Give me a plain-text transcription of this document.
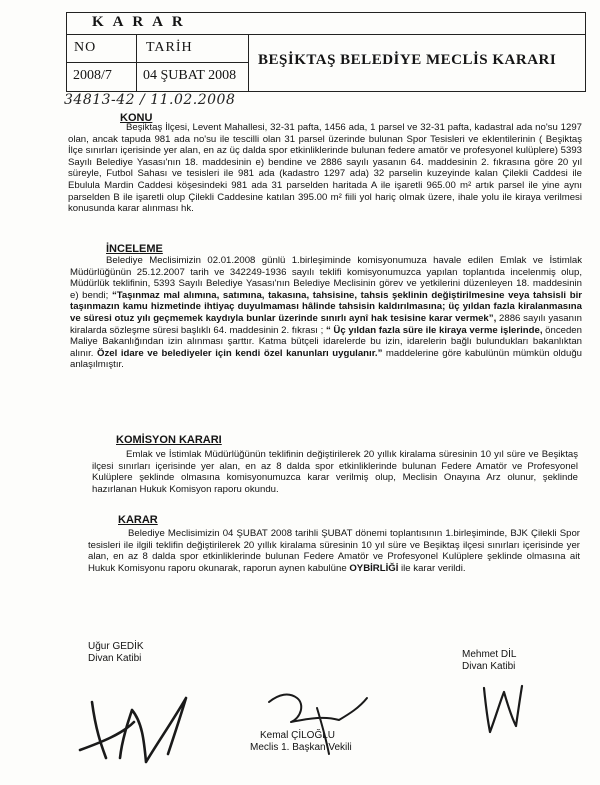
K A R A R
NO	TARİH
2008/7 04 ŞUBAT 2008
BEŞİKTAŞ BELEDİYE MECLİS KARARI
34813-42 / 11.02.2008
KONU
Beşiktaş İlçesi, Levent Mahallesi, 32-31 pafta, 1456 ada, 1 parsel ve 32-31 pafta, kadastral ada no'su 1297 olan, ancak tapuda 981 ada no'su ile tescilli olan 31 parsel üzerinde bulunan Spor Tesisleri ve eklentilerinin ( Beşiktaş İlçe sınırları içerisinde yer alan, en az üç dalda spor etkinliklerinde bulunan federe amatör ve profesyonel kulüplere) 5393 Sayılı Belediye Yasası'nın 18. maddesinin e) bendine ve 2886 sayılı yasanın 64. maddesinin 2. fıkrasına göre 20 yıl süreyle, Futbol Sahası ve tesisleri ile 981 ada (kadastro 1297 ada) 32 parselin kuzeyinde kalan Çilekli Caddesi ile Ebulula Mardin Caddesi köşesindeki 981 ada 31 parselden haritada A ile işaretli 965.00 m² artık parsel ile yine aynı parselden B ile işaretli olup Çilekli Caddesine katılan 395.00 m² fiili yol hariç olmak üzere, ihale yolu ile kiraya verilmesi konusunda karar alınması hk.
İNCELEME
Belediye Meclisimizin 02.01.2008 günlü 1.birleşiminde komisyonumuza havale edilen Emlak ve İstimlak Müdürlüğünün 25.12.2007 tarih ve 342249-1936 sayılı teklifi komisyonumuzca yapılan toplantıda incelenmiş olup, Müdürlük teklifinin, 5393 Sayılı Belediye Yasası'nın Belediye Meclisinin görev ve yetkilerini düzenleyen 18. maddesinin e) bendi; “Taşınmaz mal alımına, satımına, takasına, tahsisine, tahsis şeklinin değiştirilmesine veya tahsisli bir taşınmazın kamu hizmetinde ihtiyaç duyulmaması hâlinde tahsisin kaldırılmasına; üç yıldan fazla kiralanmasına ve süresi otuz yılı geçmemek kaydıyla bunlar üzerinde sınırlı aynî hak tesisine karar vermek”, 2886 sayılı yasanın kiralarda sözleşme süresi başlıklı 64. maddesinin 2. fıkrası ; “ Üç yıldan fazla süre ile kiraya verme işlerinde, önceden Maliye Bakanlığından izin alınması şarttır. Katma bütçeli idarelerde bu izin, idarelerin bağlı bulundukları bakanlıktan alınır. Özel idare ve belediyeler için kendi özel kanunları uygulanır.” maddelerine göre kabulünün mümkün olduğu anlaşılmıştır.
KOMİSYON KARARI
Emlak ve İstimlak Müdürlüğünün teklifinin değiştirilerek 20 yıllık kiralama süresinin 10 yıl süre ve Beşiktaş ilçesi sınırları içerisinde yer alan, en az 8 dalda spor etkinliklerinde bulunan Federe Amatör ve Profesyonel Kulüplere şeklinde olmasına komisyonumuzca karar verilmiş olup, Meclisin Onayına Arz olunur, şeklinde hazırlanan Hukuk Komisyon raporu okundu.
KARAR
Belediye Meclisimizin 04 ŞUBAT 2008 tarihli ŞUBAT dönemi toplantısının 1.birleşiminde, BJK Çilekli Spor tesisleri ile ilgili teklifin değiştirilerek 20 yıllık kiralama süresinin 10 yıl süre ve Beşiktaş ilçesi sınırları içerisinde yer alan, en az 8 dalda spor etkinliklerinde bulunan Federe Amatör ve Profesyonel Kulüplere şeklinde olmasına ait Hukuk Komisyonu raporu okunarak, raporun aynen kabulüne OYBİRLİĞİ ile karar verildi.
Uğur GEDİK
Divan Katibi
Kemal ÇİLOĞLU
Meclis 1. Başkan Vekili
Mehmet DİL
Divan Katibi
